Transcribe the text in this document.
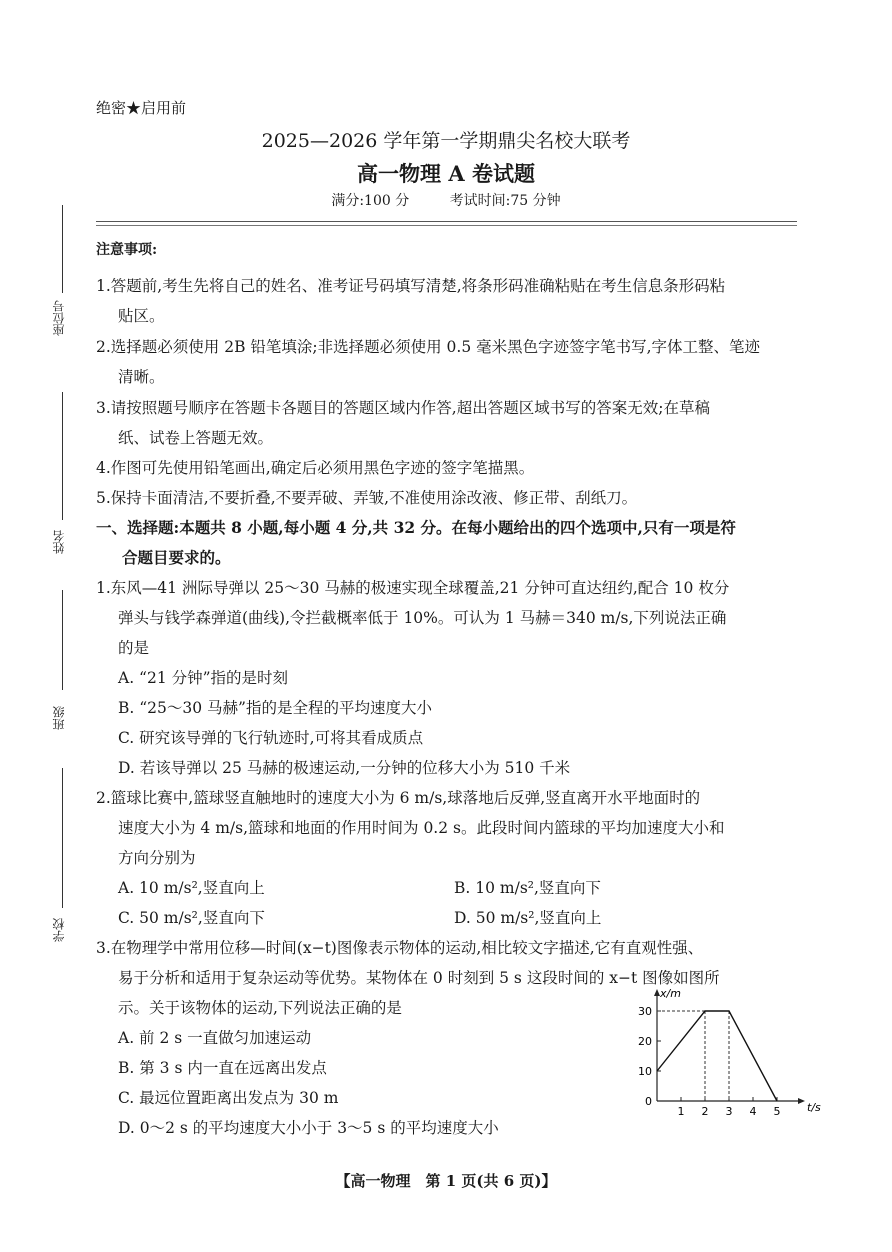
绝密★启用前
2025—2026 学年第一学期鼎尖名校大联考
高一物理 A 卷试题
满分:100 分	考试时间:75 分钟
座位号
姓名
班级
学校
注意事项:
1.答题前,考生先将自己的姓名、准考证号码填写清楚,将条形码准确粘贴在考生信息条形码粘
贴区。
2.选择题必须使用 2B 铅笔填涂;非选择题必须使用 0.5 毫米黑色字迹签字笔书写,字体工整、笔迹
清晰。
3.请按照题号顺序在答题卡各题目的答题区域内作答,超出答题区域书写的答案无效;在草稿
纸、试卷上答题无效。
4.作图可先使用铅笔画出,确定后必须用黑色字迹的签字笔描黑。
5.保持卡面清洁,不要折叠,不要弄破、弄皱,不准使用涂改液、修正带、刮纸刀。
一、选择题:本题共 8 小题,每小题 4 分,共 32 分。在每小题给出的四个选项中,只有一项是符
合题目要求的。
1.东风—41 洲际导弹以 25～30 马赫的极速实现全球覆盖,21 分钟可直达纽约,配合 10 枚分
弹头与钱学森弹道(曲线),令拦截概率低于 10%。可认为 1 马赫＝340 m/s,下列说法正确
的是
A. “21 分钟”指的是时刻
B. “25～30 马赫”指的是全程的平均速度大小
C. 研究该导弹的飞行轨迹时,可将其看成质点
D. 若该导弹以 25 马赫的极速运动,一分钟的位移大小为 510 千米
2.篮球比赛中,篮球竖直触地时的速度大小为 6 m/s,球落地后反弹,竖直离开水平地面时的
速度大小为 4 m/s,篮球和地面的作用时间为 0.2 s。此段时间内篮球的平均加速度大小和
方向分别为
A. 10 m/s²,竖直向上	B. 10 m/s²,竖直向下
C. 50 m/s²,竖直向下	D. 50 m/s²,竖直向上
3.在物理学中常用位移—时间(x−t)图像表示物体的运动,相比较文字描述,它有直观性强、
易于分析和适用于复杂运动等优势。某物体在 0 时刻到 5 s 这段时间的 x−t 图像如图所
示。关于该物体的运动,下列说法正确的是
A. 前 2 s 一直做匀加速运动
B. 第 3 s 内一直在远离出发点
C. 最远位置距离出发点为 30 m
D. 0～2 s 的平均速度大小小于 3～5 s 的平均速度大小
t/s
x/m
0
1 2 3 4 5
10
20
30
【高一物理　第 1 页(共 6 页)】
